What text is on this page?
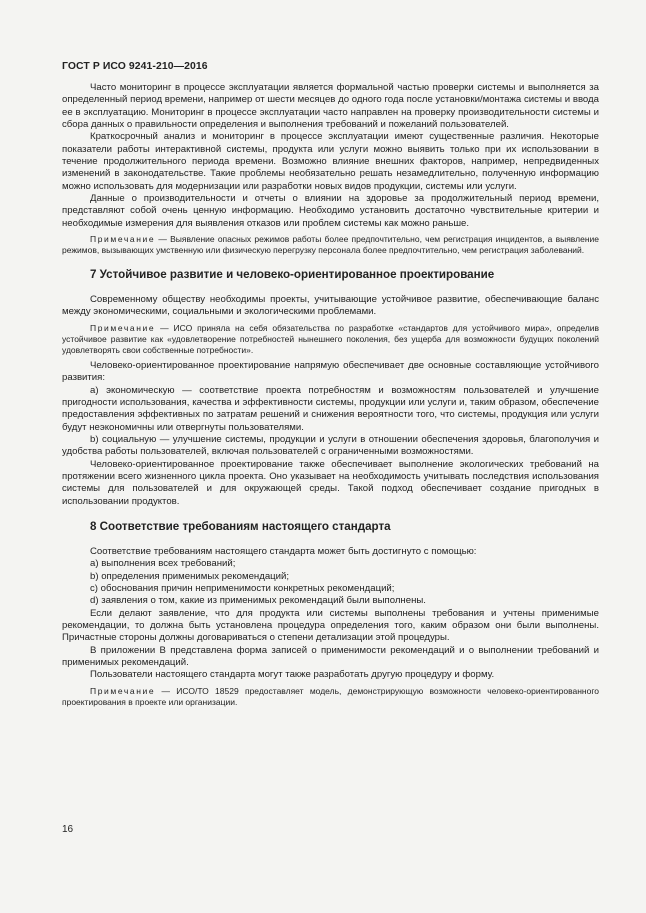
ГОСТ Р ИСО 9241-210—2016

Часто мониторинг в процессе эксплуатации является формальной частью проверки системы и выполняется за определенный период времени, например от шести месяцев до одного года после установки/монтажа системы и ввода ее в эксплуатацию. Мониторинг в процессе эксплуатации часто направлен на проверку производительности системы и сбора данных о правильности определения и выполнения требований и пожеланий пользователей.

Краткосрочный анализ и мониторинг в процессе эксплуатации имеют существенные различия. Некоторые показатели работы интерактивной системы, продукта или услуги можно выявить только при их использовании в течение продолжительного периода времени. Возможно влияние внешних факторов, например, непредвиденных изменений в законодательстве. Такие проблемы необязательно решать незамедлительно, полученную информацию можно использовать для модернизации или разработки новых видов продукции, системы или услуги.

Данные о производительности и отчеты о влиянии на здоровье за продолжительный период времени, представляют собой очень ценную информацию. Необходимо установить достаточно чувствительные критерии и необходимые измерения для выявления отказов или проблем системы как можно раньше.

Примечание — Выявление опасных режимов работы более предпочтительно, чем регистрация инцидентов, а выявление режимов, вызывающих умственную или физическую перегрузку персонала более предпочтительно, чем регистрация заболеваний.

7 Устойчивое развитие и человеко-ориентированное проектирование

Современному обществу необходимы проекты, учитывающие устойчивое развитие, обеспечивающие баланс между экономическими, социальными и экологическими проблемами.

Примечание — ИСО приняла на себя обязательства по разработке «стандартов для устойчивого мира», определив устойчивое развитие как «удовлетворение потребностей нынешнего поколения, без ущерба для возможности будущих поколений удовлетворять свои собственные потребности».

Человеко-ориентированное проектирование напрямую обеспечивает две основные составляющие устойчивого развития:

a) экономическую — соответствие проекта потребностям и возможностям пользователей и улучшение пригодности использования, качества и эффективности системы, продукции или услуги и, таким образом, обеспечение предоставления эффективных по затратам решений и снижения вероятности того, что системы, продукция или услуги будут неэкономичны или отвергнуты пользователями.

b) социальную — улучшение системы, продукции и услуги в отношении обеспечения здоровья, благополучия и удобства работы пользователей, включая пользователей с ограниченными возможностями.

Человеко-ориентированное проектирование также обеспечивает выполнение экологических требований на протяжении всего жизненного цикла проекта. Оно указывает на необходимость учитывать последствия использования системы для пользователей и для окружающей среды. Такой подход обеспечивает создание пригодных в использовании продуктов.

8 Соответствие требованиям настоящего стандарта

Соответствие требованиям настоящего стандарта может быть достигнуто с помощью:

a) выполнения всех требований;

b) определения применимых рекомендаций;

c) обоснования причин неприменимости конкретных рекомендаций;

d) заявления о том, какие из применимых рекомендаций были выполнены.

Если делают заявление, что для продукта или системы выполнены требования и учтены применимые рекомендации, то должна быть установлена процедура определения того, каким образом они были выполнены. Причастные стороны должны договариваться о степени детализации этой процедуры.

В приложении В представлена форма записей о применимости рекомендаций и о выполнении требований и применимых рекомендаций.

Пользователи настоящего стандарта могут также разработать другую процедуру и форму.

Примечание — ИСО/ТО 18529 предоставляет модель, демонстрирующую возможности человеко-ориентированного проектирования в проекте или организации.

16
